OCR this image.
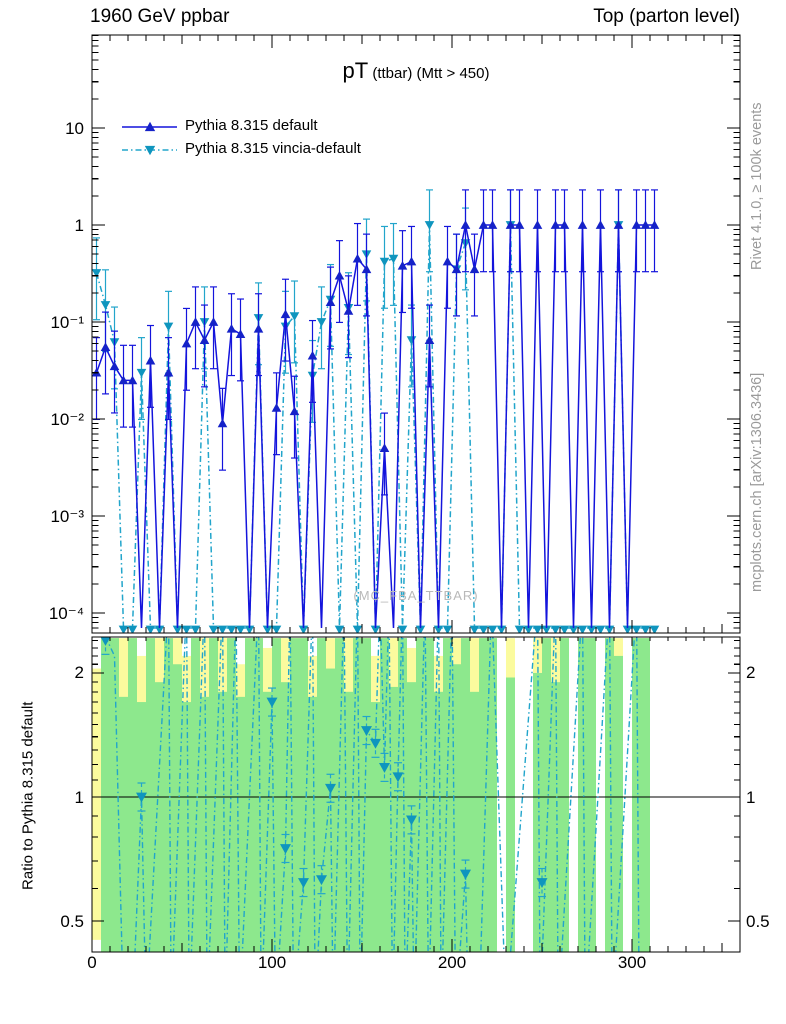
10
1
10⁻¹
10⁻²
10⁻³
10⁻⁴
2	2
1	1
0.5	0.5
0	100	200	300
1960 GeV ppbar	Top (parton level)
pT (ttbar) (Mtt > 450)
Pythia 8.315 default
Pythia 8.315 vincia-default
(MC_FBA_TTBAR)
Rivet 4.1.0, ≥ 100k events
mcplots.cern.ch [arXiv:1306.3436]
Ratio to Pythia 8.315 default
